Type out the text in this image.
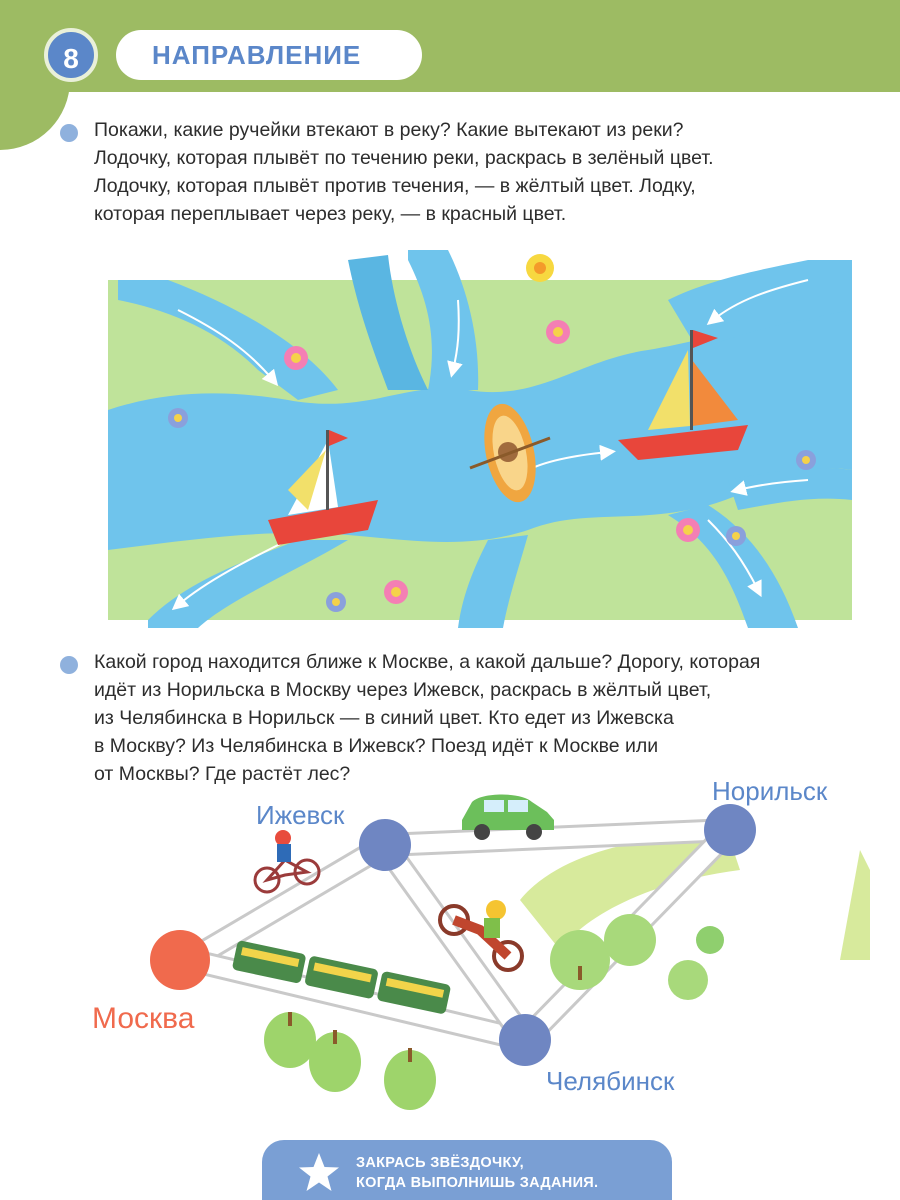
8	НАПРАВЛЕНИЕ
Покажи, какие ручейки втекают в реку? Какие вытекают из реки?
Лодочку, которая плывёт по течению реки, раскрась в зелёный цвет.
Лодочку, которая плывёт против течения, — в жёлтый цвет. Лодку,
которая переплывает через реку, — в красный цвет.
Какой город находится ближе к Москве, а какой дальше? Дорогу, которая
идёт из Норильска в Москву через Ижевск, раскрась в жёлтый цвет,
из Челябинска в Норильск — в синий цвет. Кто едет из Ижевска
в Москву? Из Челябинска в Ижевск? Поезд идёт к Москве или
от Москвы? Где растёт лес?
Ижевск
Норильск
Москва
Челябинск
ЗАКРАСЬ ЗВЁЗДОЧКУ,
КОГДА ВЫПОЛНИШЬ ЗАДАНИЯ.
